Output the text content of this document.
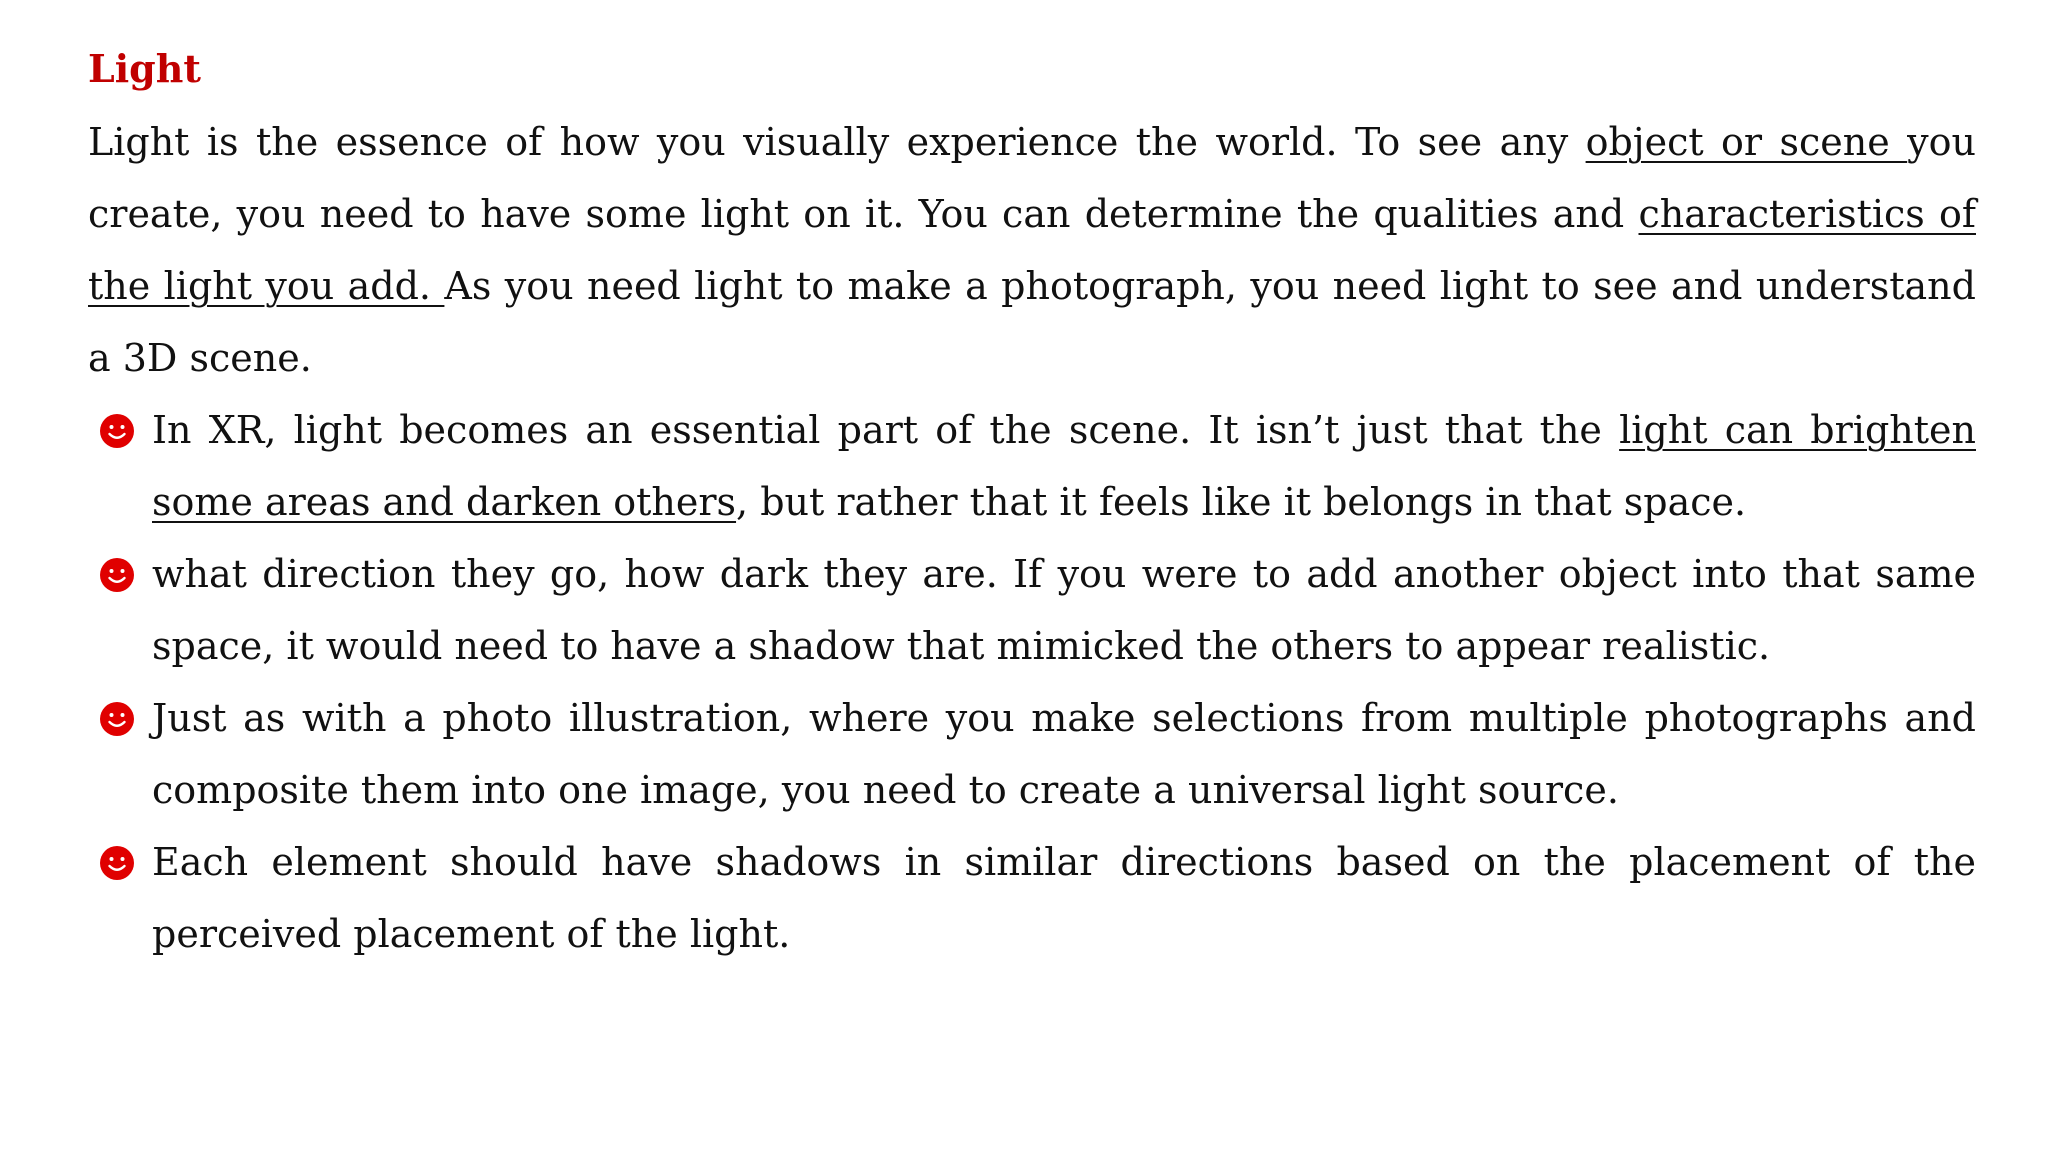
Light

Light is the essence of how you visually experience the world. To see any object or scene you create, you need to have some light on it. You can determine the qualities and characteristics of the light you add. As you need light to make a photograph, you need light to see and understand a 3D scene.

In XR, light becomes an essential part of the scene. It isn’t just that the light can brighten some areas and darken others, but rather that it feels like it belongs in that space.
what direction they go, how dark they are. If you were to add another object into that same space, it would need to have a shadow that mimicked the others to appear realistic.
Just as with a photo illustration, where you make selections from multiple photographs and composite them into one image, you need to create a universal light source.
Each element should have shadows in similar directions based on the placement of the perceived placement of the light.
